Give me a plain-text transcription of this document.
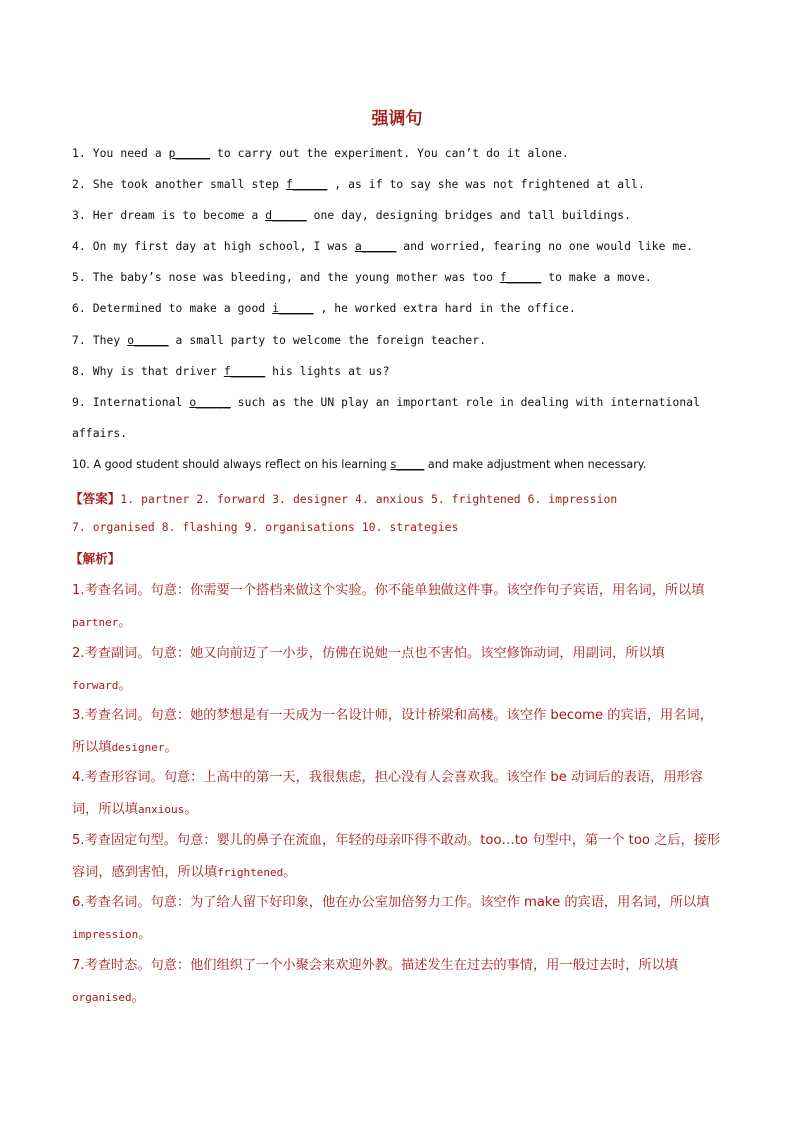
强调句
1. You need a p_____ to carry out the experiment. You can’t do it alone.
2. She took another small step f_____ , as if to say she was not frightened at all.
3. Her dream is to become a d_____ one day, designing bridges and tall buildings.
4. On my first day at high school, I was a_____ and worried, fearing no one would like me.
5. The baby’s nose was bleeding, and the young mother was too f_____ to make a move.
6. Determined to make a good i_____ , he worked extra hard in the office.
7. They o_____ a small party to welcome the foreign teacher.
8. Why is that driver f_____ his lights at us?
9. International o_____ such as the UN play an important role in dealing with international
affairs.
10. A good student should always reflect on his learning s_____ and make adjustment when necessary.
【答案】1. partner 2. forward 3. designer 4. anxious 5. frightened 6. impression
7. organised 8. flashing 9. organisations 10. strategies
【解析】
1.考查名词。句意：你需要一个搭档来做这个实验。你不能单独做这件事。该空作句子宾语，用名词，所以填partner。
2.考查副词。句意：她又向前迈了一小步，仿佛在说她一点也不害怕。该空修饰动词，用副词，所以填forward。
3.考查名词。句意：她的梦想是有一天成为一名设计师，设计桥梁和高楼。该空作 become 的宾语，用名词，所以填designer。
4.考查形容词。句意：上高中的第一天，我很焦虑，担心没有人会喜欢我。该空作 be 动词后的表语，用形容词，所以填anxious。
5.考查固定句型。句意：婴儿的鼻子在流血，年轻的母亲吓得不敢动。too…to 句型中，第一个 too 之后，接形容词，感到害怕，所以填frightened。
6.考查名词。句意：为了给人留下好印象，他在办公室加倍努力工作。该空作 make 的宾语，用名词，所以填impression。
7.考查时态。句意：他们组织了一个小聚会来欢迎外教。描述发生在过去的事情，用一般过去时，所以填organised。
